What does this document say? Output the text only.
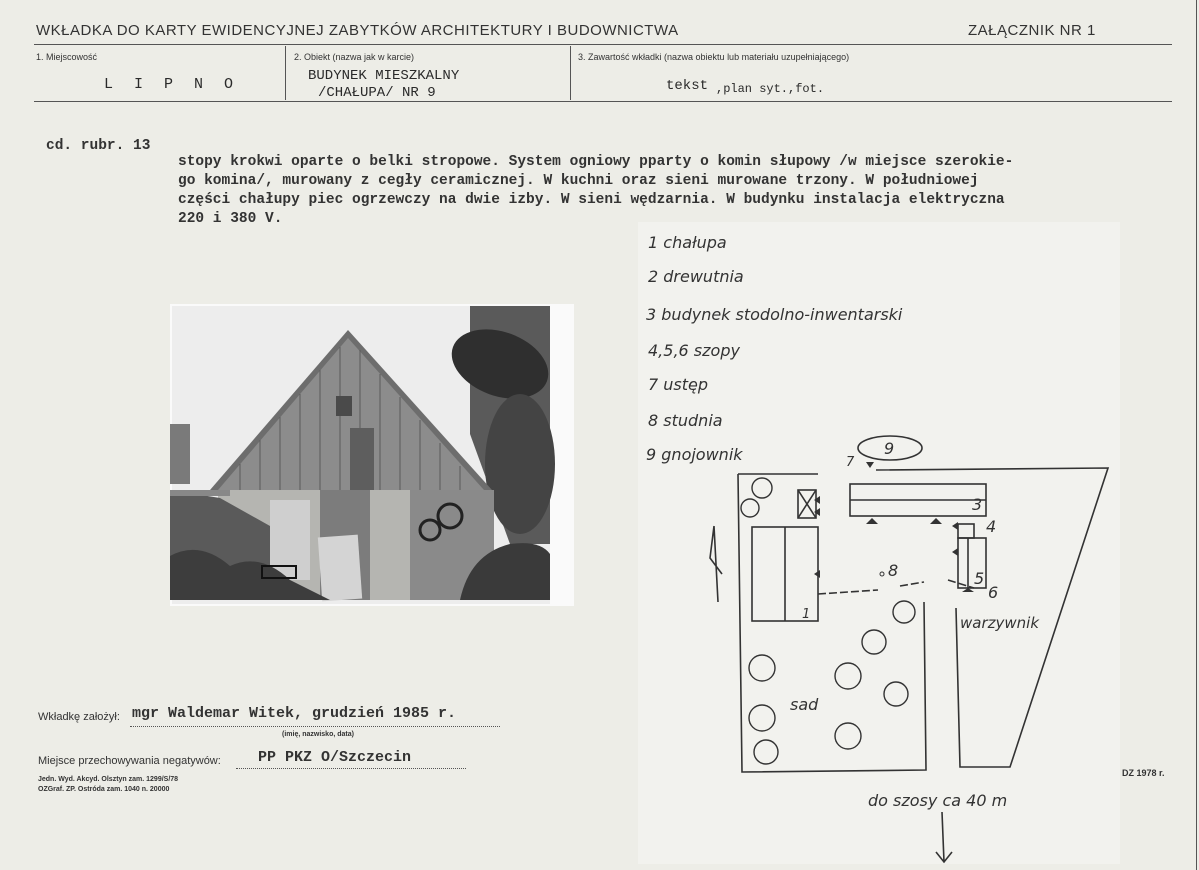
WKŁADKA DO KARTY EWIDENCYJNEJ ZABYTKÓW ARCHITEKTURY I BUDOWNICTWA	ZAŁĄCZNIK NR 1
1. Miejscowość
L I P N O
2. Obiekt (nazwa jak w karcie)
BUDYNEK MIESZKALNY
/CHAŁUPA/ NR 9
3. Zawartość wkładki (nazwa obiektu lub materiału uzupełniającego)
tekst ,plan syt.,fot.
cd. rubr. 13
stopy krokwi oparte o belki stropowe. System ogniowy pparty o komin słupowy /w miejsce szerokie-
go komina/, murowany z cegły ceramicznej. W kuchni oraz sieni murowane trzony. W południowej
części chałupy piec ogrzewczy na dwie izby. W sieni wędzarnia. W budynku instalacja elektryczna
220 i 380 V.
1 chałupa
2 drewutnia
3 budynek stodolno-inwentarski
4,5,6 szopy
7 ustęp
8 studnia
9 gnojownik	9
7
3
4
5
6
8
1
sad
warzywnik
do szosy ca 40 m
Wkładkę założył: mgr Waldemar Witek, grudzień 1985 r.
(imię, nazwisko, data)
Miejsce przechowywania negatywów: PP PKZ O/Szczecin
Jedn. Wyd. Akcyd. Olsztyn zam. 1299/S/78
OZGraf. ZP. Ostróda zam. 1040 n. 20000
DZ 1978 r.
